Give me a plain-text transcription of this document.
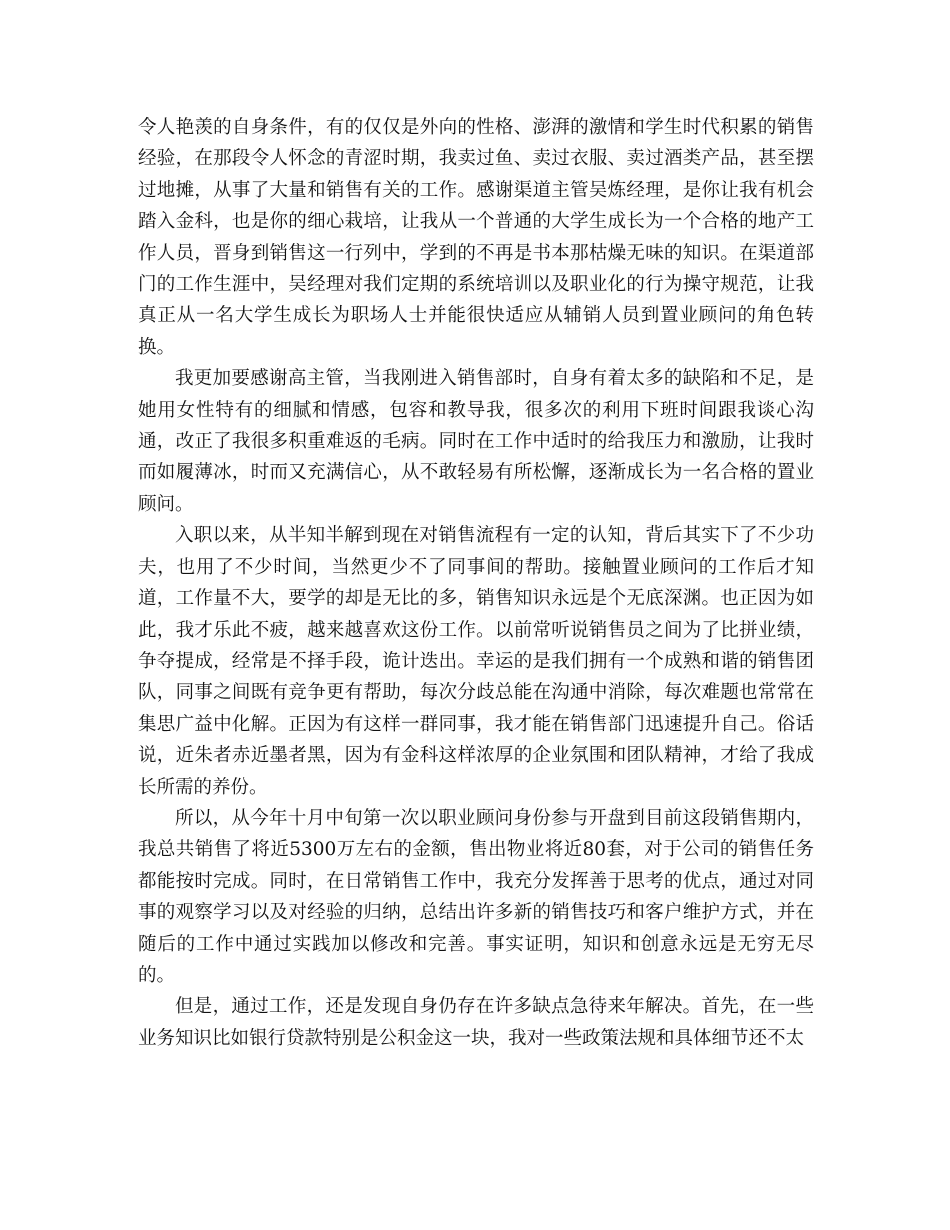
令人艳羡的自身条件，有的仅仅是外向的性格、澎湃的激情和学生时代积累的销售经验，在那段令人怀念的青涩时期，我卖过鱼、卖过衣服、卖过酒类产品，甚至摆过地摊，从事了大量和销售有关的工作。感谢渠道主管吴炼经理，是你让我有机会踏入金科，也是你的细心栽培，让我从一个普通的大学生成长为一个合格的地产工作人员，晋身到销售这一行列中，学到的不再是书本那枯燥无味的知识。在渠道部门的工作生涯中，吴经理对我们定期的系统培训以及职业化的行为操守规范，让我真正从一名大学生成长为职场人士并能很快适应从辅销人员到置业顾问的角色转换。

我更加要感谢高主管，当我刚进入销售部时，自身有着太多的缺陷和不足，是她用女性特有的细腻和情感，包容和教导我，很多次的利用下班时间跟我谈心沟通，改正了我很多积重难返的毛病。同时在工作中适时的给我压力和激励，让我时而如履薄冰，时而又充满信心，从不敢轻易有所松懈，逐渐成长为一名合格的置业顾问。

入职以来，从半知半解到现在对销售流程有一定的认知，背后其实下了不少功夫，也用了不少时间，当然更少不了同事间的帮助。接触置业顾问的工作后才知道，工作量不大，要学的却是无比的多，销售知识永远是个无底深渊。也正因为如此，我才乐此不疲，越来越喜欢这份工作。以前常听说销售员之间为了比拼业绩，争夺提成，经常是不择手段，诡计迭出。幸运的是我们拥有一个成熟和谐的销售团队，同事之间既有竞争更有帮助，每次分歧总能在沟通中消除，每次难题也常常在集思广益中化解。正因为有这样一群同事，我才能在销售部门迅速提升自己。俗话说，近朱者赤近墨者黑，因为有金科这样浓厚的企业氛围和团队精神，才给了我成长所需的养份。

所以，从今年十月中旬第一次以职业顾问身份参与开盘到目前这段销售期内，我总共销售了将近5300万左右的金额，售出物业将近80套，对于公司的销售任务都能按时完成。同时，在日常销售工作中，我充分发挥善于思考的优点，通过对同事的观察学习以及对经验的归纳，总结出许多新的销售技巧和客户维护方式，并在随后的工作中通过实践加以修改和完善。事实证明，知识和创意永远是无穷无尽的。

但是，通过工作，还是发现自身仍存在许多缺点急待来年解决。首先，在一些业务知识比如银行贷款特别是公积金这一块，我对一些政策法规和具体细节还不太
